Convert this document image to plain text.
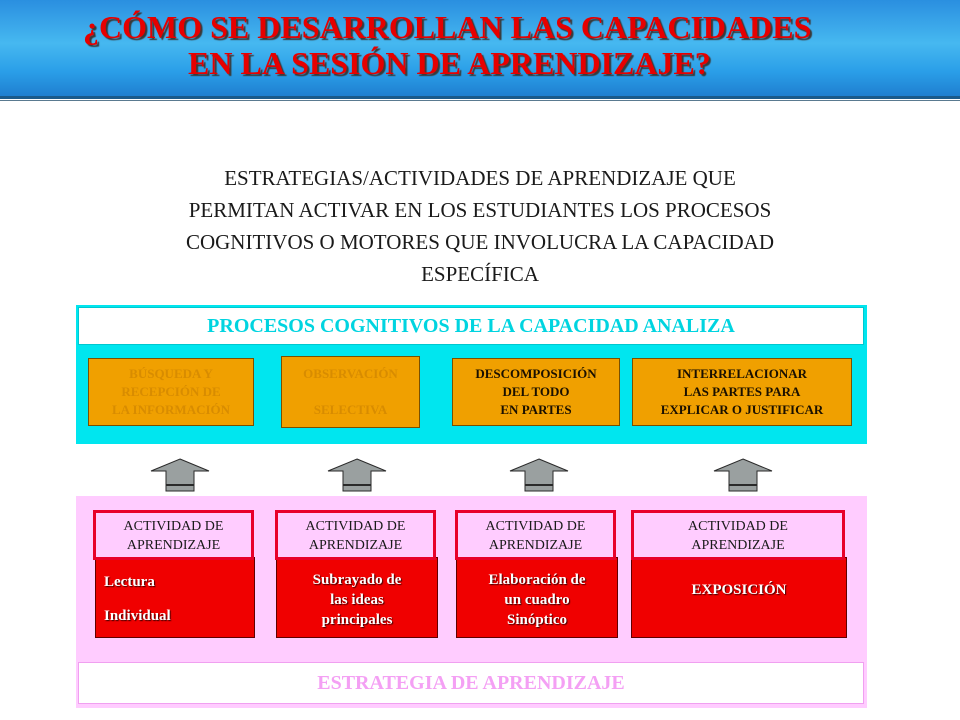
¿CÓMO SE DESARROLLAN LAS CAPACIDADES
EN LA SESIÓN DE APRENDIZAJE?
ESTRATEGIAS/ACTIVIDADES DE APRENDIZAJE QUE
PERMITAN ACTIVAR EN LOS ESTUDIANTES LOS PROCESOS
COGNITIVOS O MOTORES QUE INVOLUCRA LA CAPACIDAD
ESPECÍFICA
PROCESOS COGNITIVOS DE LA CAPACIDAD ANALIZA
BÚSQUEDA Y
RECEPCIÓN DE
LA INFORMACIÓN
OBSERVACIÓN
SELECTIVA
DESCOMPOSICIÓN
DEL TODO
EN PARTES
INTERRELACIONAR
LAS PARTES PARA
EXPLICAR O JUSTIFICAR
Lectura
Individual
ACTIVIDAD DE
APRENDIZAJE
Subrayado de
las ideas
principales
ACTIVIDAD DE
APRENDIZAJE
Elaboración de
un cuadro
Sinóptico
ACTIVIDAD DE
APRENDIZAJE
EXPOSICIÓN
ACTIVIDAD DE
APRENDIZAJE
ESTRATEGIA DE APRENDIZAJE
